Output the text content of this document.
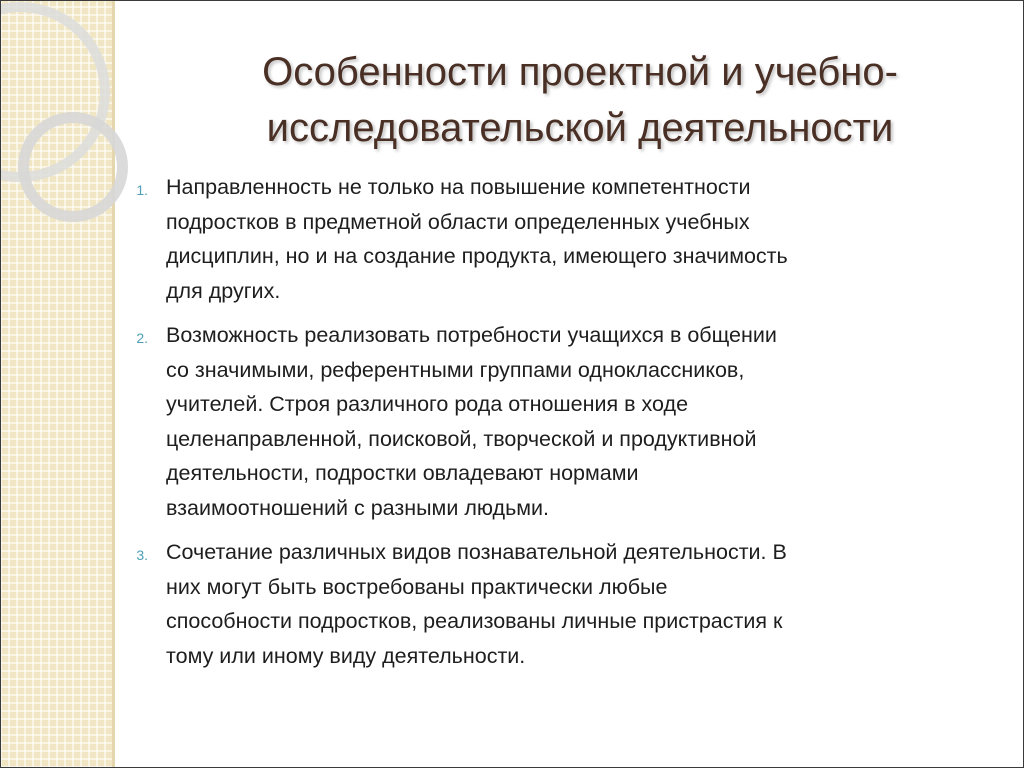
Особенности проектной и учебно-
исследовательской деятельности
1. Направленность не только на повышение компетентности
подростков в предметной области определенных учебных
дисциплин, но и на создание продукта, имеющего значимость
для других.
2. Возможность реализовать потребности учащихся в общении
со значимыми, референтными группами одноклассников,
учителей. Строя различного рода отношения в ходе
целенаправленной, поисковой, творческой и продуктивной
деятельности, подростки овладевают нормами
взаимоотношений с разными людьми.
3. Сочетание различных видов познавательной деятельности. В
них могут быть востребованы практически любые
способности подростков, реализованы личные пристрастия к
тому или иному виду деятельности.
